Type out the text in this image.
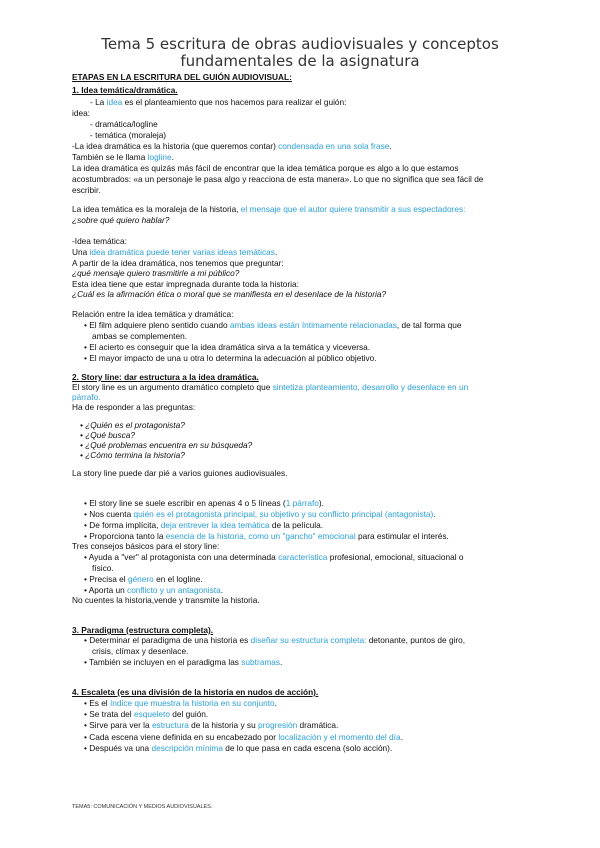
Tema 5 escritura de obras audiovisuales y conceptos
fundamentales de la asignatura
ETAPAS EN LA ESCRITURA DEL GUIÓN AUDIOVISUAL:
1. Idea temática/dramática.
- La idea es el planteamiento que nos hacemos para realizar el guión:
idea:
- dramática/logline
- temática (moraleja)
-La idea dramática es la historia (que queremos contar) condensada en una sola frase.
También se le llama logline.
La idea dramática es quizás más fácil de encontrar que la idea temática porque es algo a lo que estamos
acostumbrados: «a un personaje le pasa algo y reacciona de esta manera». Lo que no significa que sea fácil de
escribir.
La idea temática es la moraleja de la historia, el mensaje que el autor quiere transmitir a sus espectadores:
¿sobre qué quiero hablar?
-Idea temática:
Una idea dramática puede tener varias ideas temáticas.
A partir de la idea dramática, nos tenemos que preguntar:
¿qué mensaje quiero trasmitirle a mi público?
Esta idea tiene que estar impregnada durante toda la historia:
¿Cuál es la afirmación ética o moral que se manifiesta en el desenlace de la historia?
Relación entre la idea temática y dramática:
• El film adquiere pleno sentido cuando ambas ideas están íntimamente relacionadas, de tal forma que
ambas se complementen.
• El acierto es conseguir que la idea dramática sirva a la temática y viceversa.
• El mayor impacto de una u otra lo determina la adecuación al público objetivo.
2. Story line: dar estructura a la idea dramática.
El story line es un argumento dramático completo que sintetiza planteamiento, desarrollo y desenlace en un
párrafo.
Ha de responder a las preguntas:
• ¿Quién es el protagonista?
• ¿Qué busca?
• ¿Qué problemas encuentra en su búsqueda?
• ¿Cómo termina la historia?
La story line puede dar pié a varios guiones audiovisuales.
• El story line se suele escribir en apenas 4 o 5 líneas (1 párrafo).
• Nos cuenta quién es el protagonista principal, su objetivo y su conflicto principal (antagonista).
• De forma implícita, deja entrever la idea temática de la película.
• Proporciona tanto la esencia de la historia, como un "gancho" emocional para estimular el interés.
Tres consejos básicos para el story line:
• Ayuda a "ver" al protagonista con una determinada característica profesional, emocional, situacional o
físico.
• Precisa el género en el logline.
• Aporta un conflicto y un antagonista.
No cuentes la historia,vende y transmite la historia.
3. Paradigma (estructura completa).
• Determinar el paradigma de una historia es diseñar su estructura completa: detonante, puntos de giro,
crisis, clímax y desenlace.
• También se incluyen en el paradigma las subtramas.
4. Escaleta (es una división de la historia en nudos de acción).
• Es el índice que muestra la historia en su conjunto.
• Se trata del esqueleto del guión.
• Sirve para ver la estructura de la historia y su progresión dramática.
• Cada escena viene definida en su encabezado por localización y el momento del día.
• Después va una descripción mínima de lo que pasa en cada escena (solo acción).
TEMA5: COMUNICACIÓN Y MEDIOS AUDIOVISUALES.
